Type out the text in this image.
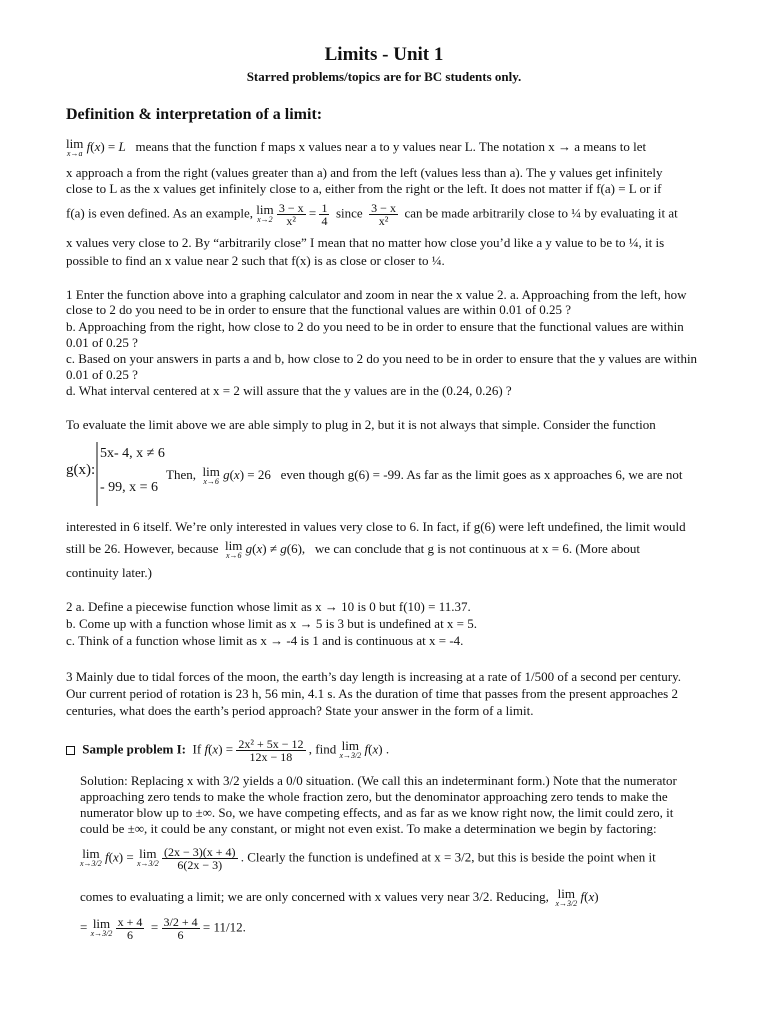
Limits - Unit 1
Starred problems/topics are for BC students only.
Definition & interpretation of a limit:
lim
x→a f(x) = L means that the function f maps x values near a to y values near L. The notation x → a means to let
x approach a from the right (values greater than a) and from the left (values less than a). The y values get infinitely
close to L as the x values get infinitely close to a, either from the right or the left. It does not matter if f(a) = L or if
f(a) is even defined. As an example, lim
x→2
$\frac{3 - x}{\text{x²}} = \frac{1}{4}$ since $\frac{3 - x}{\text{x²}}$ can be made arbitrarily close to ¼ by evaluating it at
x values very close to 2. By “arbitrarily close” I mean that no matter how close you’d like a y value to be to ¼, it is
possible to find an x value near 2 such that f(x) is as close or closer to ¼.
1 Enter the function above into a graphing calculator and zoom in near the x value 2. a. Approaching from the left, how
close to 2 do you need to be in order to ensure that the functional values are within 0.01 of 0.25 ?
b. Approaching from the right, how close to 2 do you need to be in order to ensure that the functional values are within
0.01 of 0.25 ?
c. Based on your answers in parts a and b, how close to 2 do you need to be in order to ensure that the y values are within
0.01 of 0.25 ?
d. What interval centered at x = 2 will assure that the y values are in the (0.24, 0.26) ?
To evaluate the limit above we are able simply to plug in 2, but it is not always that simple. Consider the function
g(x):
5x- 4, x ≠ 6
- 99, x = 6
Then, lim
x→6 g(x) = 26   even though g(6) = -99. As far as the limit goes as x approaches 6, we are not
interested in 6 itself. We’re only interested in values very close to 6. In fact, if g(6) were left undefined, the limit would
still be 26. However, because lim
x→6 g(x) ≠ g(6),   we can conclude that g is not continuous at x = 6. (More about
continuity later.)
2 a. Define a piecewise function whose limit as x → 10 is 0 but f(10) = 11.37.
b. Come up with a function whose limit as x → 5 is 3 but is undefined at x = 5.
c. Think of a function whose limit as x → -4 is 1 and is continuous at x = -4.
3 Mainly due to tidal forces of the moon, the earth’s day length is increasing at a rate of 1/500 of a second per century.
Our current period of rotation is 23 h, 56 min, 4.1 s. As the duration of time that passes from the present approaches 2
centuries, what does the earth’s period approach? State your answer in the form of a limit.
Sample problem I: If $f(x) = \frac{\text{2x² + 5x − 12}}{12x - 18}$ , find lim
x→3/2 f(x) .
Solution: Replacing x with 3/2 yields a 0/0 situation. (We call this an indeterminant form.) Note that the numerator
approaching zero tends to make the whole fraction zero, but the denominator approaching zero tends to make the
numerator blow up to ±∞. So, we have competing effects, and as far as we know right now, the limit could zero, it
could be ±∞, it could be any constant, or might not even exist. To make a determination we begin by factoring:
lim
x→3/2 f(x) = lim
x→3/2
$\frac{(2x - 3)(x + 4)}{6(2x - 3)}$ . Clearly the function is undefined at x = 3/2, but this is beside the point when it
comes to evaluating a limit; we are only concerned with x values very near 3/2. Reducing, lim
x→3/2 f(x)
= lim
x→3/2
$\frac{x + 4}{6} = \frac{3/2 + 4}{6} = 11/12$.
